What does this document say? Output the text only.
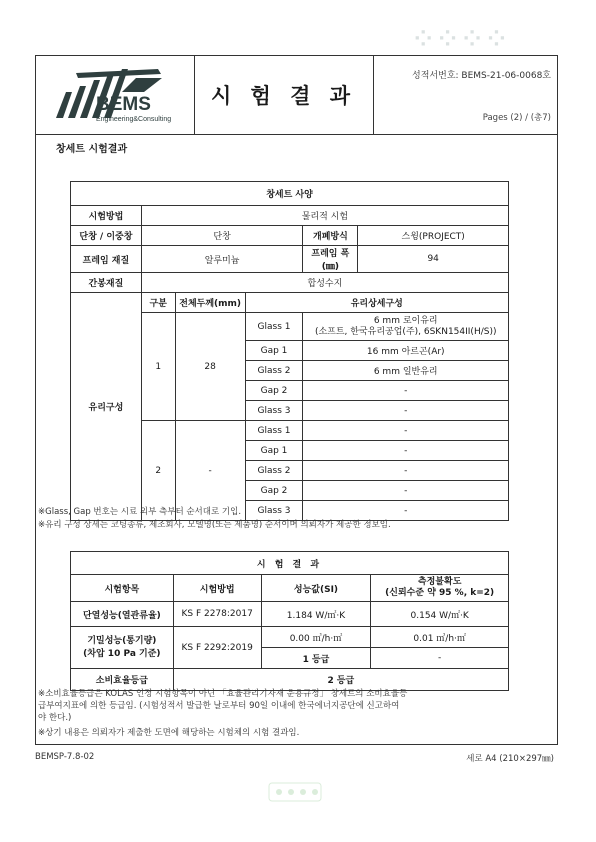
⁘⁘⁘⁘
BEMS
Engineering&Consulting
시 험 결 과
성적서번호: BEMS-21-06-0068호
Pages (2) / (총7)
창세트 시험결과
창세트 사양					
시험방법	물리적 시험				
단창 / 이중창	단창			개폐방식	스윙(PROJECT)
프레임 재질	알루미늄			프레임 폭(㎜)	94
간봉재질	합성수지				
유리구성	구분	전체두께(mm)	유리상세구성		
	1	28	Glass 1	6 mm 로이유리
(소프트, 한국유리공업(주), 6SKN154II(H/S))	
			Gap 1	16 mm 아르곤(Ar)	
			Glass 2	6 mm 일반유리	
			Gap 2	-	
			Glass 3	-	
	2	-	Glass 1	-	
			Gap 1	-	
			Glass 2	-	
			Gap 2	-	
			Glass 3	-	
※Glass, Gap 번호는 시료 외부 측부터 순서대로 기입.
※유리 구성 상세는 코팅종류, 제조회사, 모델명(또는 제품명) 순서이며 의뢰자가 제공한 정보임.
시 험 결 과			
시험항목	시험방법	성능값(SI)	측정불확도
(신뢰수준 약 95 %, k=2)
단열성능(열관류율)	KS F 2278:2017	1.184 W/㎡·K	0.154 W/㎡·K
기밀성능(통기량)
(차압 10 Pa 기준)	KS F 2292:2019	0.00 ㎥/h·㎡	0.01 ㎥/h·㎡
		1 등급	-
소비효율등급	2 등급		
※소비효율등급은 KOLAS 인정 시험항목이 아닌 「효율관리기자재 운용규정」 창세트의 소비효율등
급부여지표에 의한 등급임. (시험성적서 발급한 날로부터 90일 이내에 한국에너지공단에 신고하여
야 한다.)
※상기 내용은 의뢰자가 제출한 도면에 해당하는 시험체의 시험 결과임.
BEMSP-7.8-02	세로 A4 (210×297㎜)
